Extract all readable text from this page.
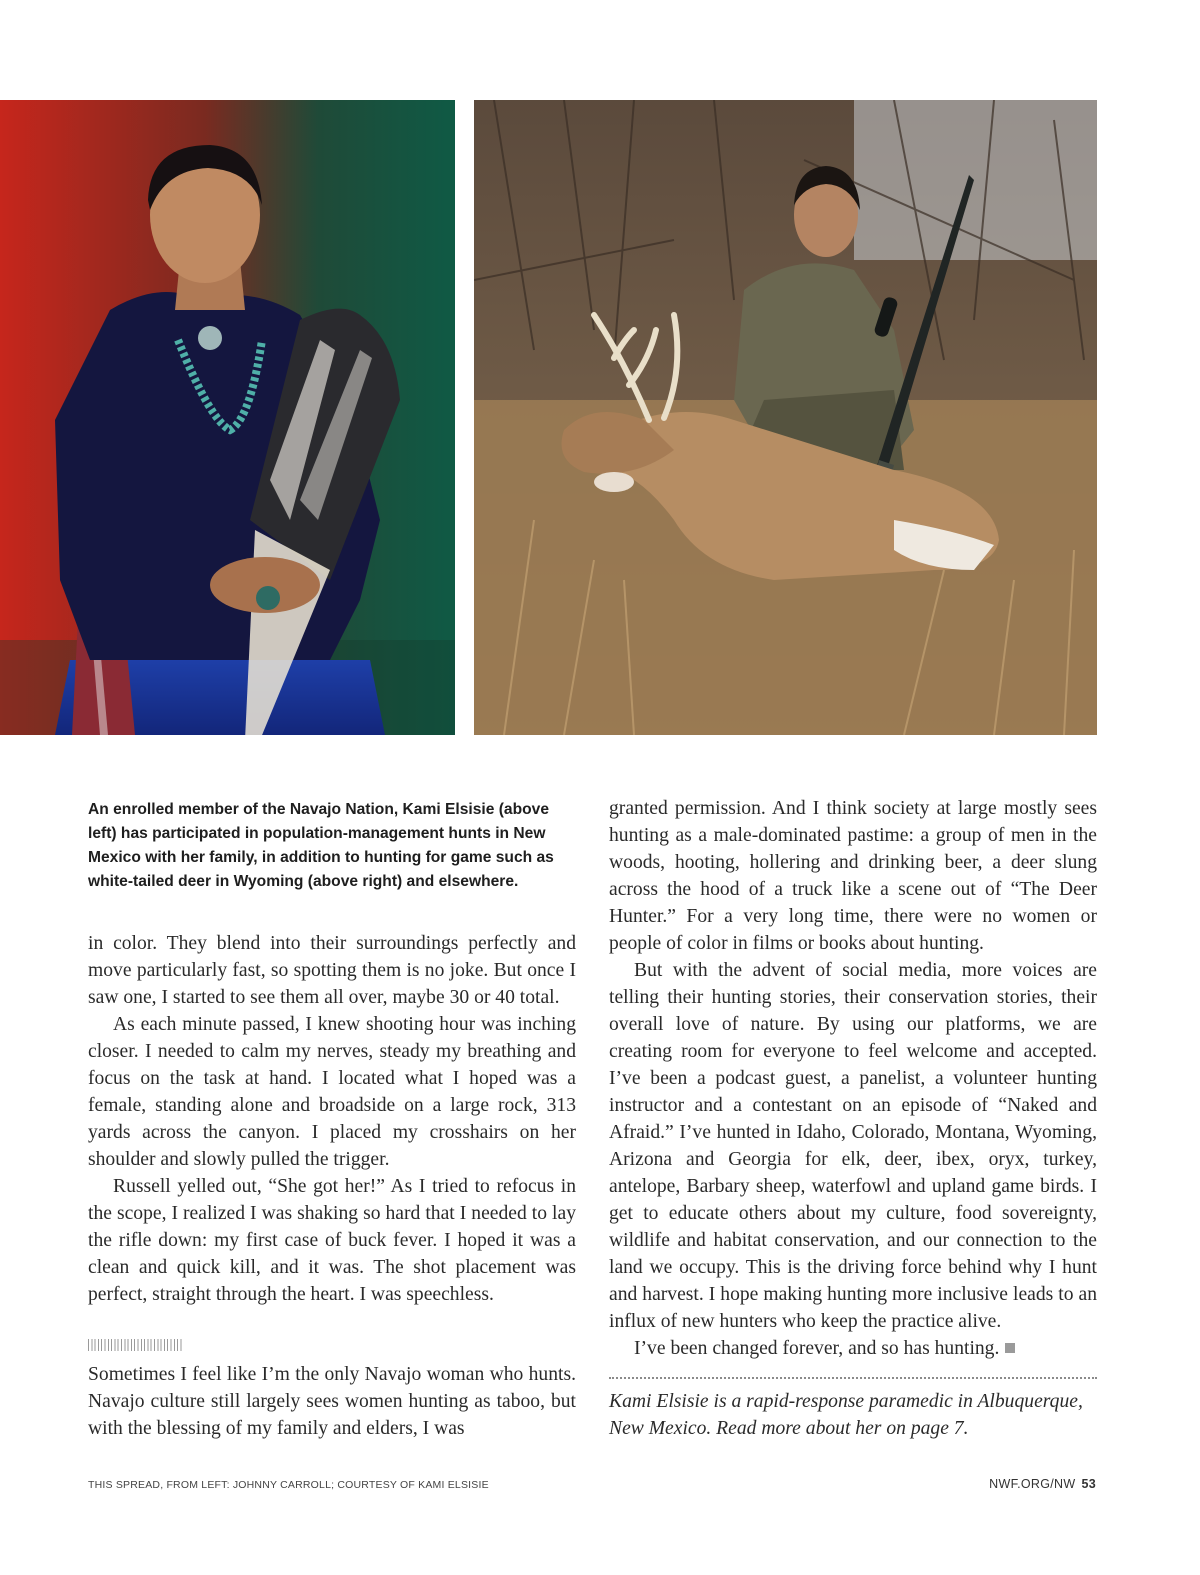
An enrolled member of the Navajo Nation, Kami Elsisie (above left) has participated in population-management hunts in New Mexico with her family, in addition to hunting for game such as white-tailed deer in Wyoming (above right) and elsewhere.

in color. They blend into their surroundings perfectly and move particularly fast, so spotting them is no joke. But once I saw one, I started to see them all over, maybe 30 or 40 total.

As each minute passed, I knew shooting hour was inching closer. I needed to calm my nerves, steady my breathing and focus on the task at hand. I located what I hoped was a female, standing alone and broadside on a large rock, 313 yards across the canyon. I placed my crosshairs on her shoulder and slowly pulled the trigger.

Russell yelled out, “She got her!” As I tried to refocus in the scope, I realized I was shaking so hard that I needed to lay the rifle down: my first case of buck fever. I hoped it was a clean and quick kill, and it was. The shot placement was perfect, straight through the heart. I was speechless.

Sometimes I feel like I’m the only Navajo woman who hunts. Navajo culture still largely sees women hunting as taboo, but with the blessing of my family and elders, I was

granted permission. And I think society at large mostly sees hunting as a male-dominated pastime: a group of men in the woods, hooting, hollering and drinking beer, a deer slung across the hood of a truck like a scene out of “The Deer Hunter.” For a very long time, there were no women or people of color in films or books about hunting.

But with the advent of social media, more voices are telling their hunting stories, their conservation stories, their overall love of nature. By using our platforms, we are creating room for everyone to feel welcome and accepted. I’ve been a podcast guest, a panelist, a volunteer hunting instructor and a contestant on an episode of “Naked and Afraid.” I’ve hunted in Idaho, Colorado, Montana, Wyoming, Arizona and Georgia for elk, deer, ibex, oryx, turkey, antelope, Barbary sheep, waterfowl and upland game birds. I get to educate others about my culture, food sovereignty, wildlife and habitat conservation, and our connection to the land we occupy. This is the driving force behind why I hunt and harvest. I hope making hunting more inclusive leads to an influx of new hunters who keep the practice alive.

I’ve been changed forever, and so has hunting.

Kami Elsisie is a rapid-response paramedic in Albuquerque, New Mexico. Read more about her on page 7.
THIS SPREAD, FROM LEFT: JOHNNY CARROLL; COURTESY OF KAMI ELSISIE	NWF.ORG/NW 53
